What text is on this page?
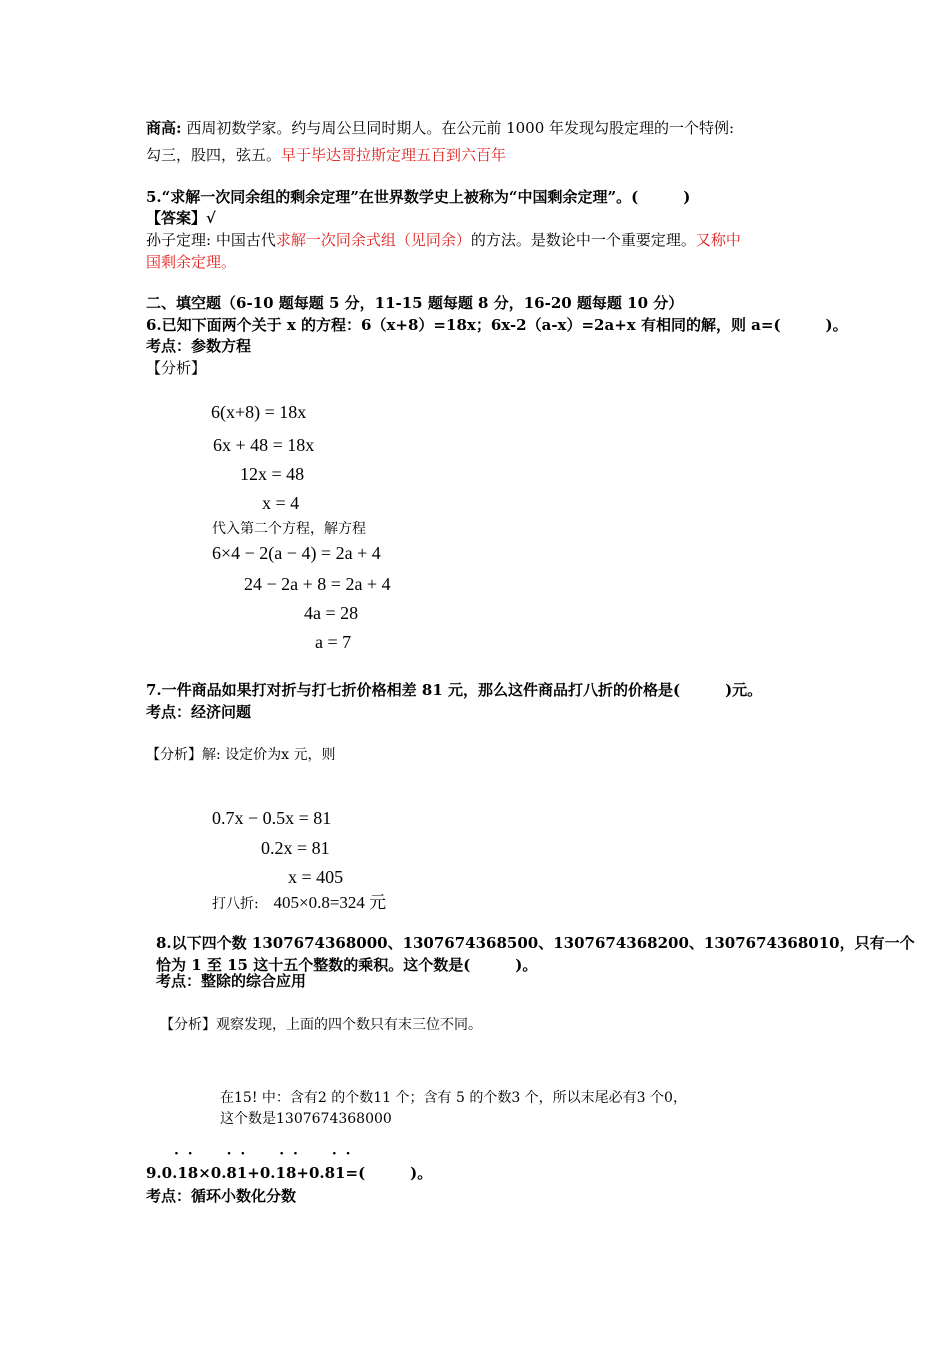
商高: 西周初数学家。约与周公旦同时期人。在公元前 1000 年发现勾股定理的一个特例:
勾三，股四，弦五。早于毕达哥拉斯定理五百到六百年
5.“求解一次同余组的剩余定理”在世界数学史上被称为“中国剩余定理”。(　　　)
【答案】√
孙子定理: 中国古代求解一次同余式组（见同余）的方法。是数论中一个重要定理。又称中
国剩余定理。
二、填空题（6-10 题每题 5 分，11-15 题每题 8 分，16-20 题每题 10 分）
6.已知下面两个关于 x 的方程：6（x+8）=18x；6x-2（a-x）=2a+x 有相同的解，则 a=(　　　)。
考点：参数方程
【分析】
6(x+8) = 18x
6x + 48 = 18x
12x = 48
x = 4
代入第二个方程，解方程
6×4 − 2(a − 4) = 2a + 4
24 − 2a + 8 = 2a + 4
4a = 28
a = 7
7.一件商品如果打对折与打七折价格相差 81 元，那么这件商品打八折的价格是(　　　)元。
考点：经济问题
【分析】解: 设定价为x 元，则
0.7x − 0.5x = 81
0.2x = 81
x = 405
打八折: 405×0.8=324 元
8.以下四个数 1307674368000、1307674368500、1307674368200、1307674368010，只有一个
恰为 1 至 15 这十五个整数的乘积。这个数是(　　　)。
考点：整除的综合应用
【分析】观察发现，上面的四个数只有末三位不同。
在15! 中：含有2 的个数11 个；含有 5 的个数3 个，所以末尾必有3 个0，
这个数是1307674368000
· ·　　· ·　　· ·　　· ·
9.0.18×0.81+0.18+0.81=(　　　)。
考点：循环小数化分数
